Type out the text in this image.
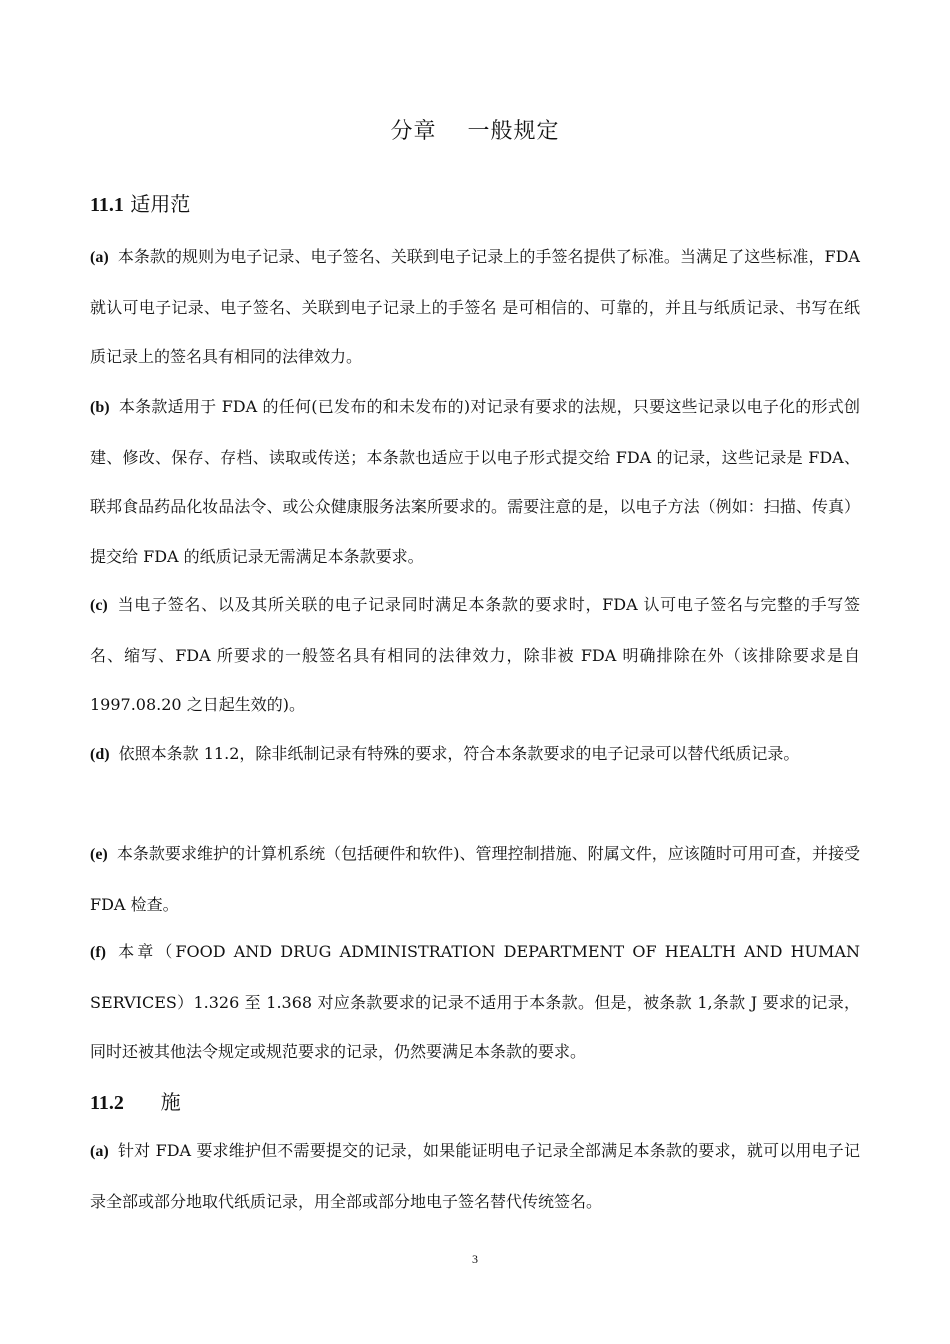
分章　 一般规定
11.1 适用范
(a) 本条款的规则为电子记录、电子签名、关联到电子记录上的手签名提供了标准。当满足了这些标准，FDA 就认可电子记录、电子签名、关联到电子记录上的手签名 是可相信的、可靠的，并且与纸质记录、书写在纸质记录上的签名具有相同的法律效力。
(b) 本条款适用于 FDA 的任何(已发布的和未发布的)对记录有要求的法规，只要这些记录以电子化的形式创建、修改、保存、存档、读取或传送；本条款也适应于以电子形式提交给 FDA 的记录，这些记录是 FDA、联邦食品药品化妆品法令、或公众健康服务法案所要求的。需要注意的是，以电子方法（例如：扫描、传真）提交给 FDA 的纸质记录无需满足本条款要求。
(c) 当电子签名、以及其所关联的电子记录同时满足本条款的要求时，FDA 认可电子签名与完整的手写签名、缩写、FDA 所要求的一般签名具有相同的法律效力，除非被 FDA 明确排除在外（该排除要求是自 1997.08.20 之日起生效的)。
(d) 依照本条款 11.2，除非纸制记录有特殊的要求，符合本条款要求的电子记录可以替代纸质记录。
(e) 本条款要求维护的计算机系统（包括硬件和软件)、管理控制措施、附属文件，应该随时可用可查，并接受 FDA 检查。
(f) 本章（FOOD AND DRUG ADMINISTRATION DEPARTMENT OF HEALTH AND HUMAN SERVICES）1.326 至 1.368 对应条款要求的记录不适用于本条款。但是，被条款 1,条款 J 要求的记录，同时还被其他法令规定或规范要求的记录，仍然要满足本条款的要求。
11.2 施
(a) 针对 FDA 要求维护但不需要提交的记录，如果能证明电子记录全部满足本条款的要求，就可以用电子记录全部或部分地取代纸质记录，用全部或部分地电子签名替代传统签名。
3
